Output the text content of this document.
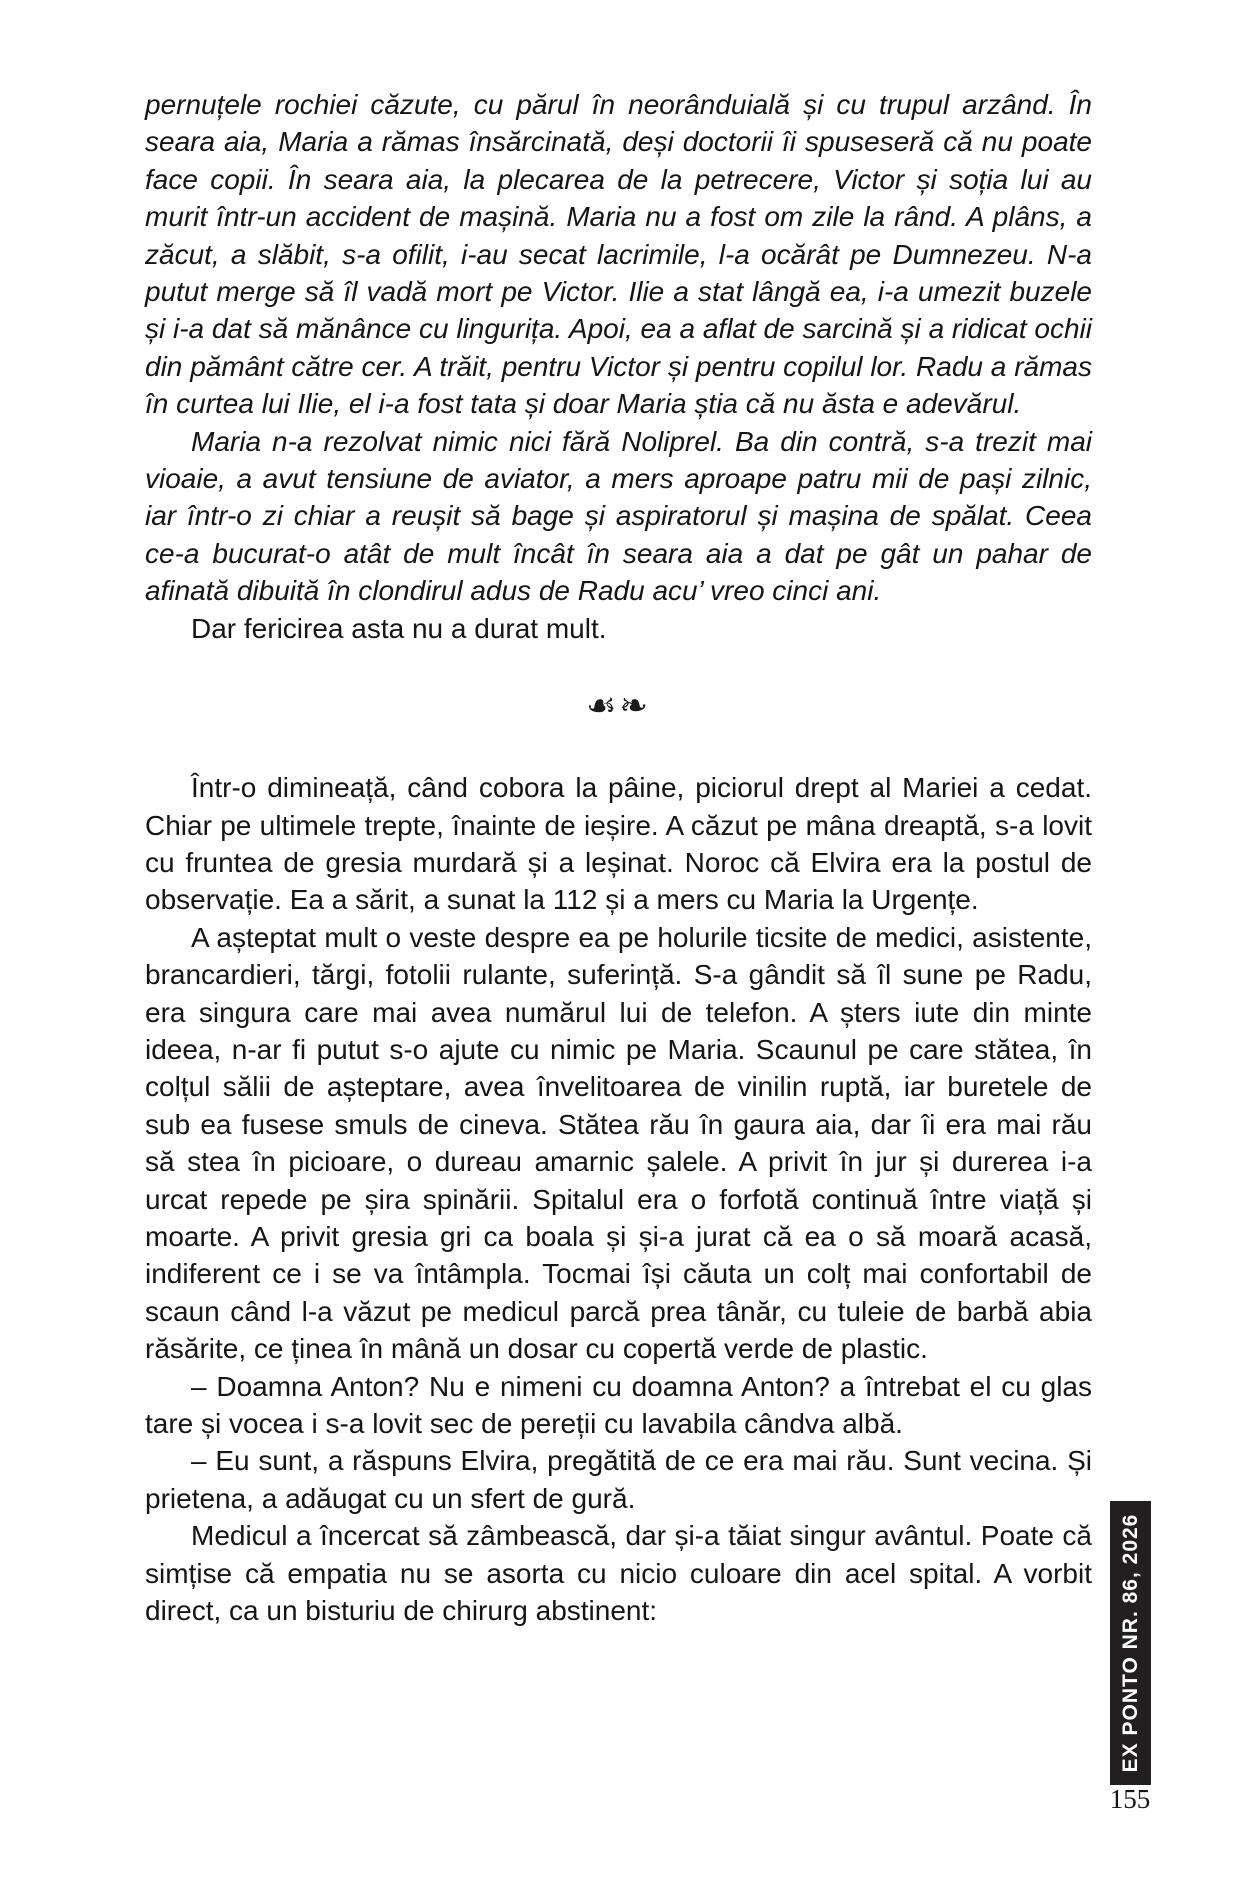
pernuțele rochiei căzute, cu părul în neorânduială și cu trupul arzând. În seara aia, Maria a rămas însărcinată, deși doctorii îi spuseseră că nu poate face copii. În seara aia, la plecarea de la petrecere, Victor și soția lui au murit într-un accident de mașină. Maria nu a fost om zile la rând. A plâns, a zăcut, a slăbit, s-a ofilit, i-au secat lacrimile, l-a ocărât pe Dumnezeu. N-a putut merge să îl vadă mort pe Victor. Ilie a stat lângă ea, i-a umezit buzele și i-a dat să mănânce cu lingurița. Apoi, ea a aflat de sarcină și a ridicat ochii din pământ către cer. A trăit, pentru Victor și pentru copilul lor. Radu a rămas în curtea lui Ilie, el i-a fost tata și doar Maria știa că nu ăsta e adevărul.

Maria n-a rezolvat nimic nici fără Noliprel. Ba din contră, s-a trezit mai vioaie, a avut tensiune de aviator, a mers aproape patru mii de pași zilnic, iar într-o zi chiar a reușit să bage și aspiratorul și mașina de spălat. Ceea ce-a bucurat-o atât de mult încât în seara aia a dat pe gât un pahar de afinată dibuită în clondirul adus de Radu acu’ vreo cinci ani.

Dar fericirea asta nu a durat mult.

☙❧

Într-o dimineață, când cobora la pâine, piciorul drept al Mariei a cedat. Chiar pe ultimele trepte, înainte de ieșire. A căzut pe mâna dreaptă, s-a lovit cu fruntea de gresia murdară și a leșinat. Noroc că Elvira era la postul de observație. Ea a sărit, a sunat la 112 și a mers cu Maria la Urgențe.

A așteptat mult o veste despre ea pe holurile ticsite de medici, asistente, brancardieri, tărgi, fotolii rulante, suferință. S-a gândit să îl sune pe Radu, era singura care mai avea numărul lui de telefon. A șters iute din minte ideea, n-ar fi putut s-o ajute cu nimic pe Maria. Scaunul pe care stătea, în colțul sălii de așteptare, avea învelitoarea de vinilin ruptă, iar buretele de sub ea fusese smuls de cineva. Stătea rău în gaura aia, dar îi era mai rău să stea în picioare, o dureau amarnic șalele. A privit în jur și durerea i-a urcat repede pe șira spinării. Spitalul era o forfotă continuă între viață și moarte. A privit gresia gri ca boala și și-a jurat că ea o să moară acasă, indiferent ce i se va întâmpla. Tocmai își căuta un colț mai confortabil de scaun când l-a văzut pe medicul parcă prea tânăr, cu tuleie de barbă abia răsărite, ce ținea în mână un dosar cu copertă verde de plastic.

– Doamna Anton? Nu e nimeni cu doamna Anton? a întrebat el cu glas tare și vocea i s-a lovit sec de pereții cu lavabila cândva albă.

– Eu sunt, a răspuns Elvira, pregătită de ce era mai rău. Sunt vecina. Și prietena, a adăugat cu un sfert de gură.

Medicul a încercat să zâmbească, dar și-a tăiat singur avântul. Poate că simțise că empatia nu se asorta cu nicio culoare din acel spital. A vorbit direct, ca un bisturiu de chirurg abstinent:	EX PONTO NR. 86, 2026
155
